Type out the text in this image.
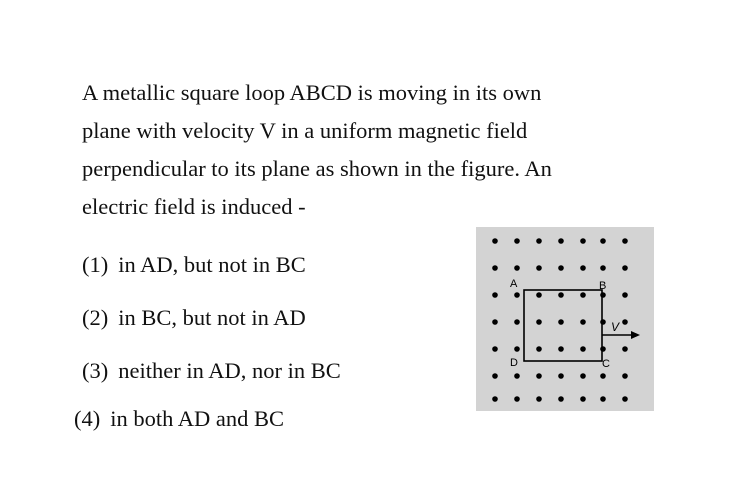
A metallic square loop ABCD is moving in its own
plane with velocity V in a uniform magnetic field
perpendicular to its plane as shown in the figure. An
electric field is induced -
(1) in AD, but not in BC
(2) in BC, but not in AD
(3) neither in AD, nor in BC
(4) in both AD and BC
A	B
D	C
V
